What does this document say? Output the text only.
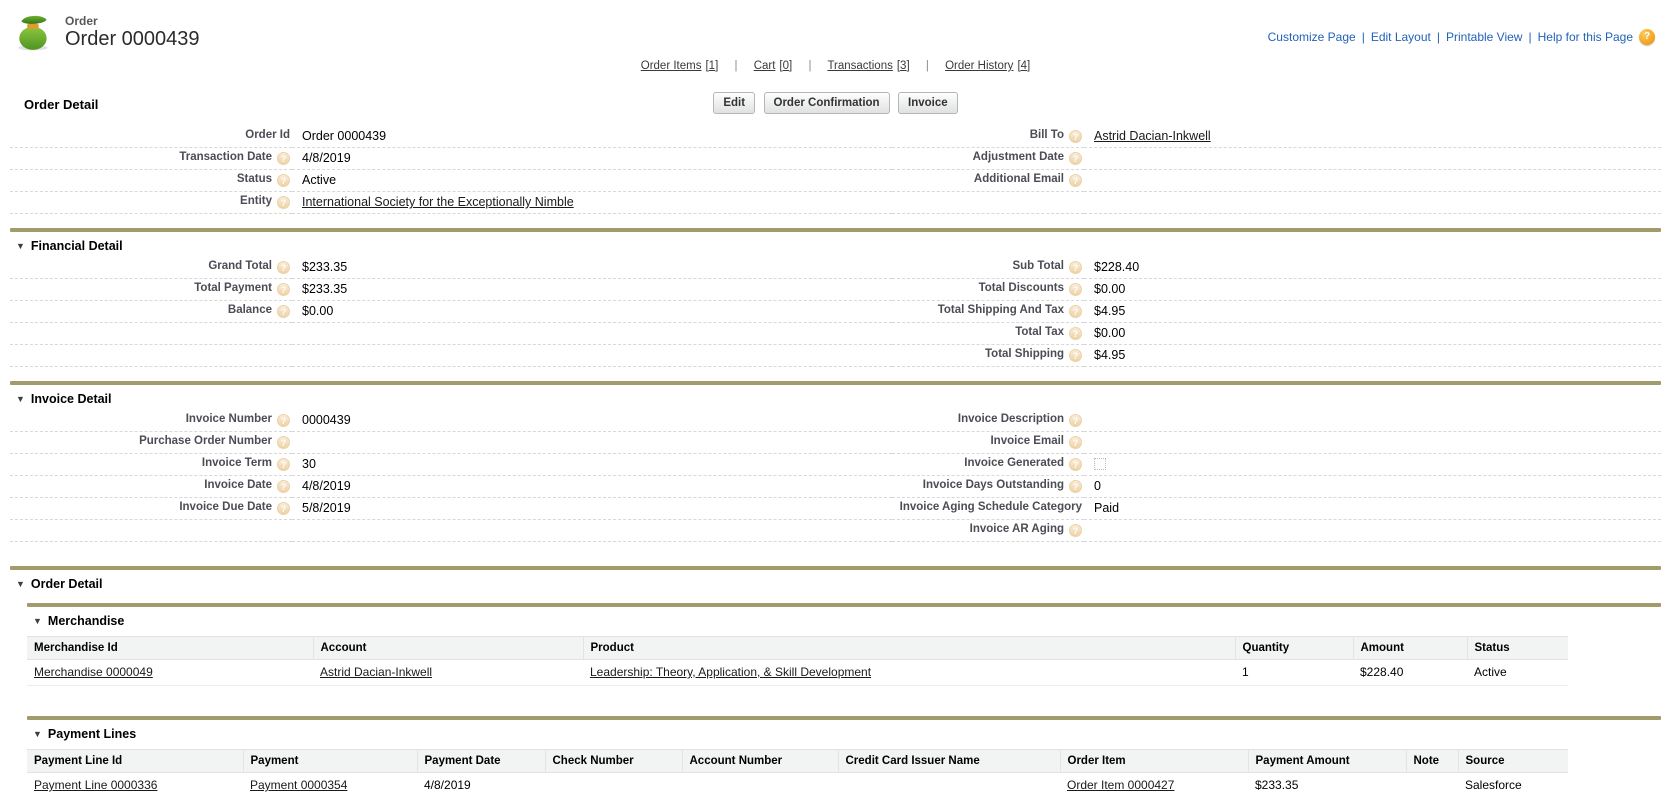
Order
Order 0000439	Customize Page | Edit Layout | Printable View | Help for this Page
?
Order Items [ 1 ] |	Cart [ 0 ] |	Transactions [ 3 ] |	Order History [ 4 ]
Order Detail	Edit Order Confirmation Invoice
Order Id	Order 0000439	Bill To?	Astrid Dacian-Inkwell
Transaction Date?	4/8/2019	Adjustment Date?	
Status?	Active	Additional Email?	
Entity?	International Society for the Exceptionally Nimble		
▼ Financial Detail
Grand Total?	$233.35	Sub Total?	$228.40
Total Payment?	$233.35	Total Discounts?	$0.00
Balance?	$0.00	Total Shipping And Tax?	$4.95
		Total Tax?	$0.00
		Total Shipping?	$4.95
▼ Invoice Detail
Invoice Number?	0000439	Invoice Description?	
Purchase Order Number?		Invoice Email?	
Invoice Term?	30	Invoice Generated?	
Invoice Date?	4/8/2019	Invoice Days Outstanding?	0
Invoice Due Date?	5/8/2019	Invoice Aging Schedule Category	Paid
		Invoice AR Aging?	
▼ Order Detail
▼ Merchandise
Merchandise Id	Account	Product	Quantity	Amount	Status
Merchandise 0000049	Astrid Dacian-Inkwell	Leadership: Theory, Application, & Skill Development	1	$228.40	Active
▼ Payment Lines
Payment Line Id	Payment	Payment Date	Check Number	Account Number	Credit Card Issuer Name	Order Item	Payment Amount	Note	Source
Payment Line 0000336	Payment 0000354	4/8/2019				Order Item 0000427	$233.35		Salesforce
